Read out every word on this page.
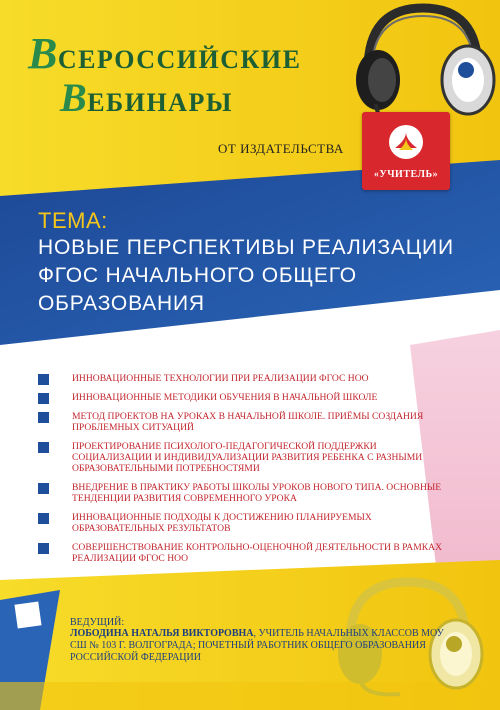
ВСЕРОССИЙСКИЕ
ВЕБИНАРЫ
ОТ ИЗДАТЕЛЬСТВА
«УЧИТЕЛЬ»
ТЕМА:
НОВЫЕ ПЕРСПЕКТИВЫ РЕАЛИЗАЦИИ ФГОС НАЧАЛЬНОГО ОБЩЕГО ОБРАЗОВАНИЯ
ИННОВАЦИОННЫЕ ТЕХНОЛОГИИ ПРИ РЕАЛИЗАЦИИ ФГОС НОО
ИННОВАЦИОННЫЕ МЕТОДИКИ ОБУЧЕНИЯ В НАЧАЛЬНОЙ ШКОЛЕ
МЕТОД ПРОЕКТОВ НА УРОКАХ В НАЧАЛЬНОЙ ШКОЛЕ. ПРИЁМЫ СОЗДАНИЯ ПРОБЛЕМНЫХ СИТУАЦИЙ
ПРОЕКТИРОВАНИЕ ПСИХОЛОГО-ПЕДАГОГИЧЕСКОЙ ПОДДЕРЖКИ СОЦИАЛИЗАЦИИ И ИНДИВИДУАЛИЗАЦИИ РАЗВИТИЯ РЕБЕНКА С РАЗНЫМИ ОБРАЗОВАТЕЛЬНЫМИ ПОТРЕБНОСТЯМИ
ВНЕДРЕНИЕ В ПРАКТИКУ РАБОТЫ ШКОЛЫ УРОКОВ НОВОГО ТИПА. ОСНОВНЫЕ ТЕНДЕНЦИИ РАЗВИТИЯ СОВРЕМЕННОГО УРОКА
ИННОВАЦИОННЫЕ ПОДХОДЫ К ДОСТИЖЕНИЮ ПЛАНИРУЕМЫХ ОБРАЗОВАТЕЛЬНЫХ РЕЗУЛЬТАТОВ
СОВЕРШЕНСТВОВАНИЕ КОНТРОЛЬНО-ОЦЕНОЧНОЙ ДЕЯТЕЛЬНОСТИ В РАМКАХ РЕАЛИЗАЦИИ ФГОС НОО
ВЕДУЩИЙ:
ЛОБОДИНА НАТАЛЬЯ ВИКТОРОВНА, УЧИТЕЛЬ НАЧАЛЬНЫХ КЛАССОВ МОУ СШ № 103 Г. ВОЛГОГРАДА; ПОЧЕТНЫЙ РАБОТНИК ОБЩЕГО ОБРАЗОВАНИЯ РОССИЙСКОЙ ФЕДЕРАЦИИ
